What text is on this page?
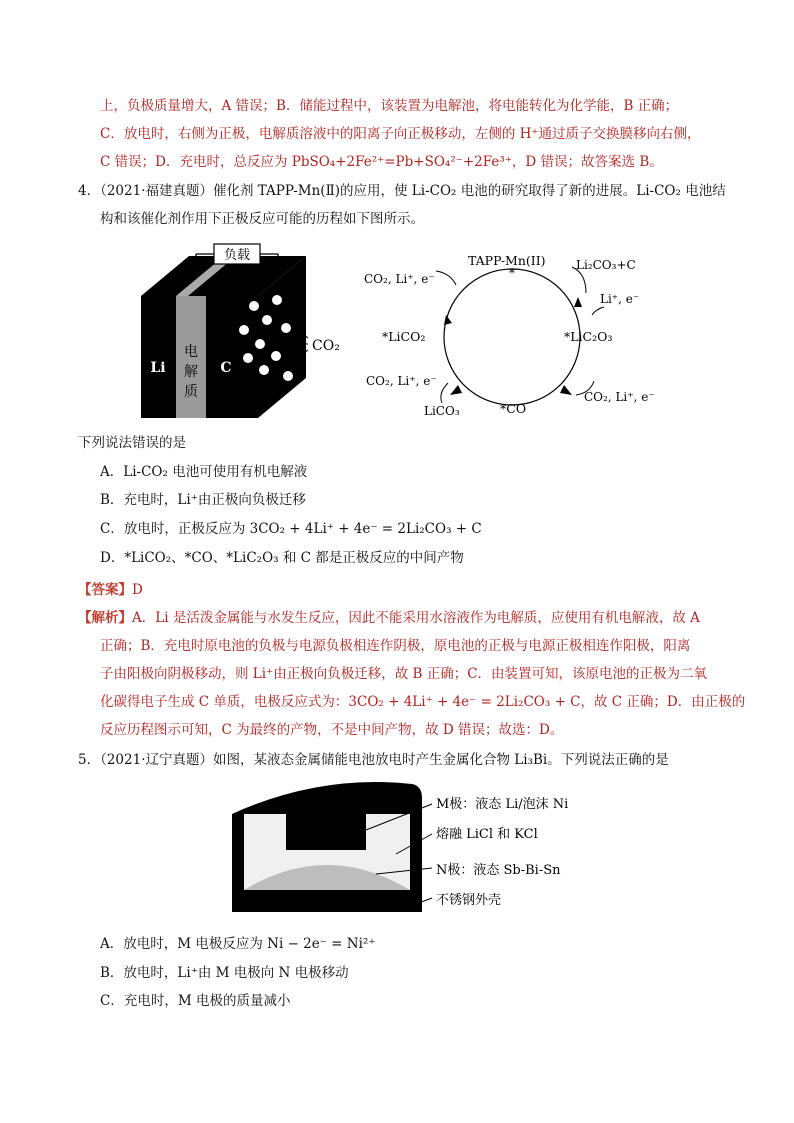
上，负极质量增大，A 错误；B．储能过程中，该装置为电解池，将电能转化为化学能，B 正确；
C．放电时，右侧为正极，电解质溶液中的阳离子向正极移动，左侧的 H⁺通过质子交换膜移向右侧，
C 错误；D．充电时，总反应为 PbSO₄+2Fe²⁺=Pb+SO₄²⁻+2Fe³⁺，D 错误；故答案选 B。
4．（2021·福建真题）催化剂 TAPP-Mn(Ⅱ)的应用，使 Li-CO₂ 电池的研究取得了新的进展。Li-CO₂ 电池结
构和该催化剂作用下正极反应可能的历程如下图所示。
负载
Li
电
解
质
C
CO₂
TAPP-Mn(II)
*
*LiCO₂	*LiC₂O₃
*CO
CO₂, Li⁺, e⁻
Li₂CO₃+C
Li⁺, e⁻
CO₂, Li⁺, e⁻
LiCO₃
CO₂, Li⁺, e⁻
下列说法错误的是
A．Li-CO₂ 电池可使用有机电解液
B．充电时，Li⁺由正极向负极迁移
C．放电时，正极反应为 3CO₂ + 4Li⁺ + 4e⁻ = 2Li₂CO₃ + C
D．*LiCO₂、*CO、*LiC₂O₃ 和 C 都是正极反应的中间产物
【答案】D
【解析】A．Li 是活泼金属能与水发生反应，因此不能采用水溶液作为电解质，应使用有机电解液，故 A
正确；B．充电时原电池的负极与电源负极相连作阴极，原电池的正极与电源正极相连作阳极，阳离
子由阳极向阴极移动，则 Li⁺由正极向负极迁移，故 B 正确；C．由装置可知，该原电池的正极为二氧
化碳得电子生成 C 单质，电极反应式为：3CO₂ + 4Li⁺ + 4e⁻ = 2Li₂CO₃ + C，故 C 正确；D．由正极的
反应历程图示可知，C 为最终的产物，不是中间产物，故 D 错误；故选：D。
5．（2021·辽宁真题）如图，某液态金属储能电池放电时产生金属化合物 Li₃Bi。下列说法正确的是
M极：液态 Li/泡沫 Ni
熔融 LiCl 和 KCl
N极：液态 Sb-Bi-Sn
不锈钢外壳
A．放电时，M 电极反应为 Ni − 2e⁻ = Ni²⁺
B．放电时，Li⁺由 M 电极向 N 电极移动
C．充电时，M 电极的质量减小
